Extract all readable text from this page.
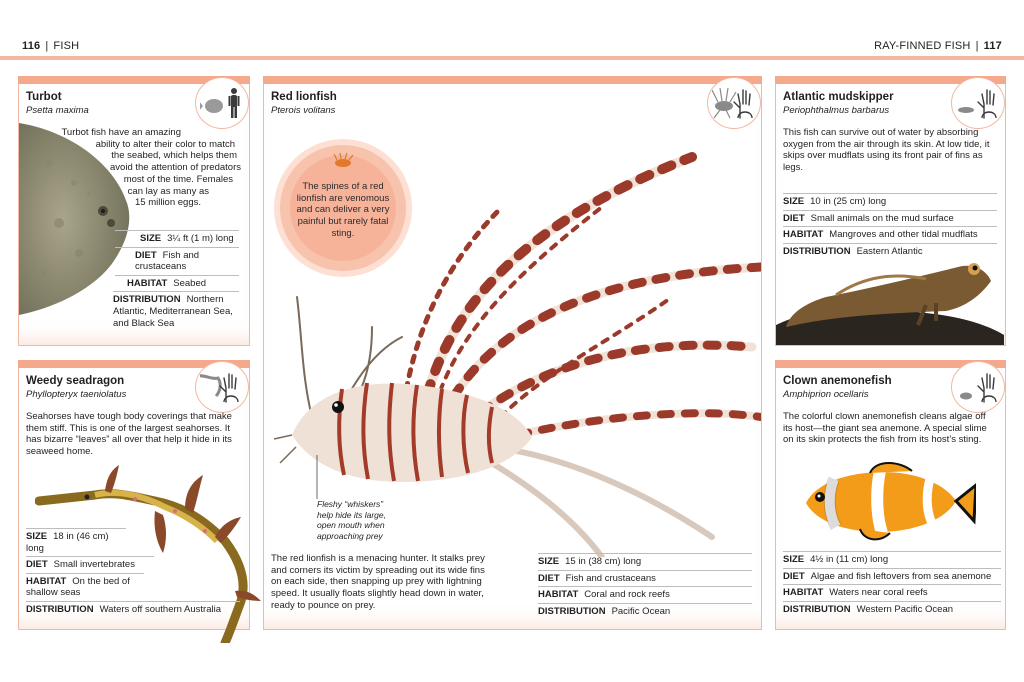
116 | FISH	RAY-FINNED FISH | 117
Turbot
Psetta maxima
Turbot fish have an amazing
ability to alter their color to match
the seabed, which helps them
avoid the attention of predators
most of the time. Females
can lay as many as
15 million eggs.
SIZE 3¼ ft (1 m) long
DIET Fish and crustaceans
HABITAT Seabed
DISTRIBUTION Northern Atlantic, Mediterranean Sea, and Black Sea
Weedy seadragon
Phyllopteryx taeniolatus
Seahorses have tough body coverings that make them stiff. This is one of the largest seahorses. It has bizarre “leaves” all over that help it hide in its seaweed home.
SIZE 18 in (46 cm) long
DIET Small invertebrates
HABITAT On the bed of shallow seas
DISTRIBUTION Waters off southern Australia
Red lionfish
Pterois volitans
The spines of a red lionfish are venomous and can deliver a very painful but rarely fatal sting.
Fleshy “whiskers” help hide its large, open mouth when approaching prey
The red lionfish is a menacing hunter. It stalks prey and corners its victim by spreading out its wide fins on each side, then snapping up prey with lightning speed. It usually floats slightly head down in water, ready to pounce on prey.
SIZE 15 in (38 cm) long
DIET Fish and crustaceans
HABITAT Coral and rock reefs
DISTRIBUTION Pacific Ocean
Atlantic mudskipper
Periophthalmus barbarus
This fish can survive out of water by absorbing oxygen from the air through its skin. At low tide, it skips over mudflats using its front pair of fins as legs.
SIZE 10 in (25 cm) long
DIET Small animals on the mud surface
HABITAT Mangroves and other tidal mudflats
DISTRIBUTION Eastern Atlantic
Clown anemonefish
Amphiprion ocellaris
The colorful clown anemonefish cleans algae off its host—the giant sea anemone. A special slime on its skin protects the fish from its host’s sting.
SIZE 4½ in (11 cm) long
DIET Algae and fish leftovers from sea anemone
HABITAT Waters near coral reefs
DISTRIBUTION Western Pacific Ocean
